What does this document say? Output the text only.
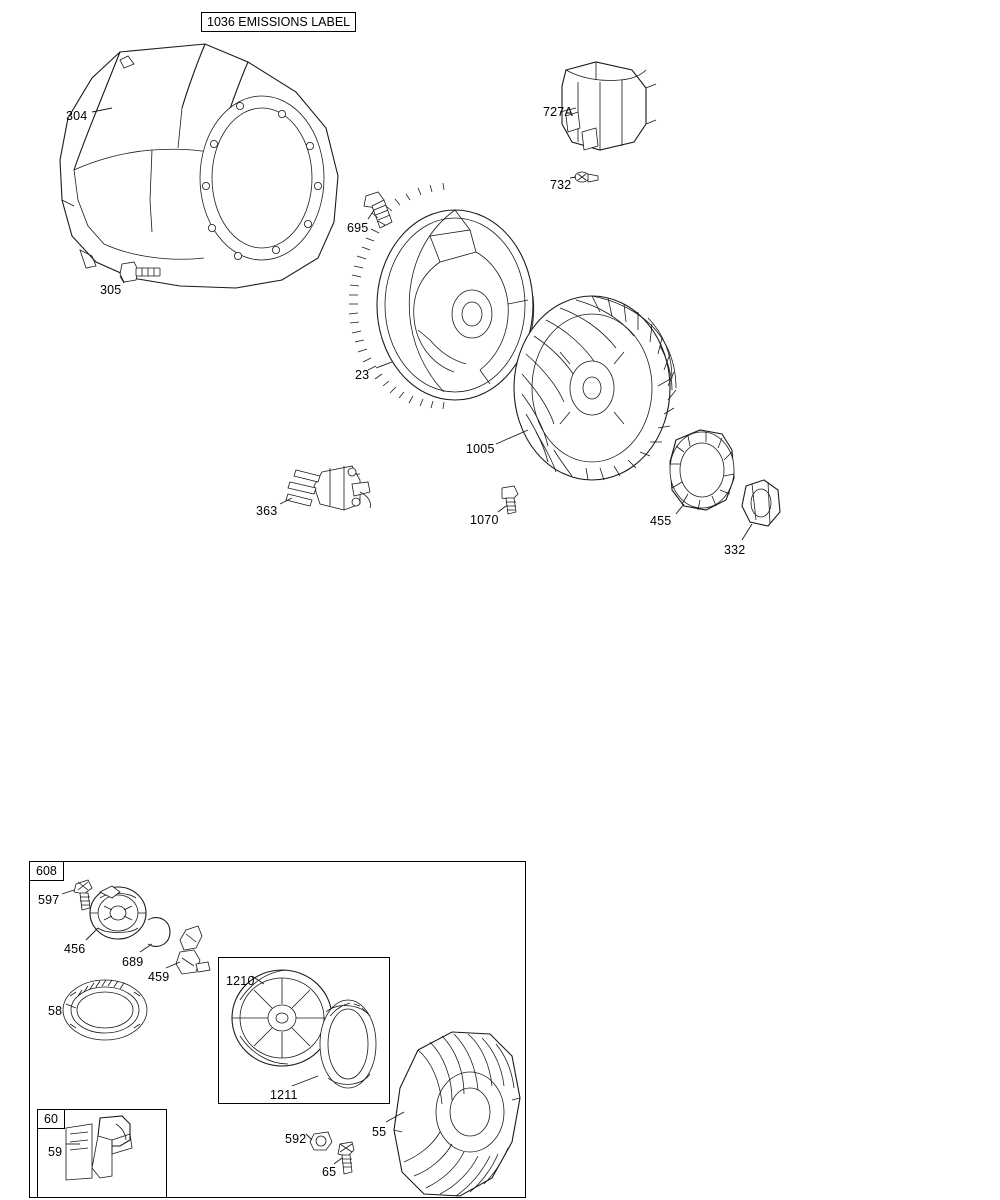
1036 EMISSIONS LABEL
608
60
304
305
695
23
727A
732
1005
363
1070	455
332
597
456
689
459
58
59
1210
1211
592
65
55
